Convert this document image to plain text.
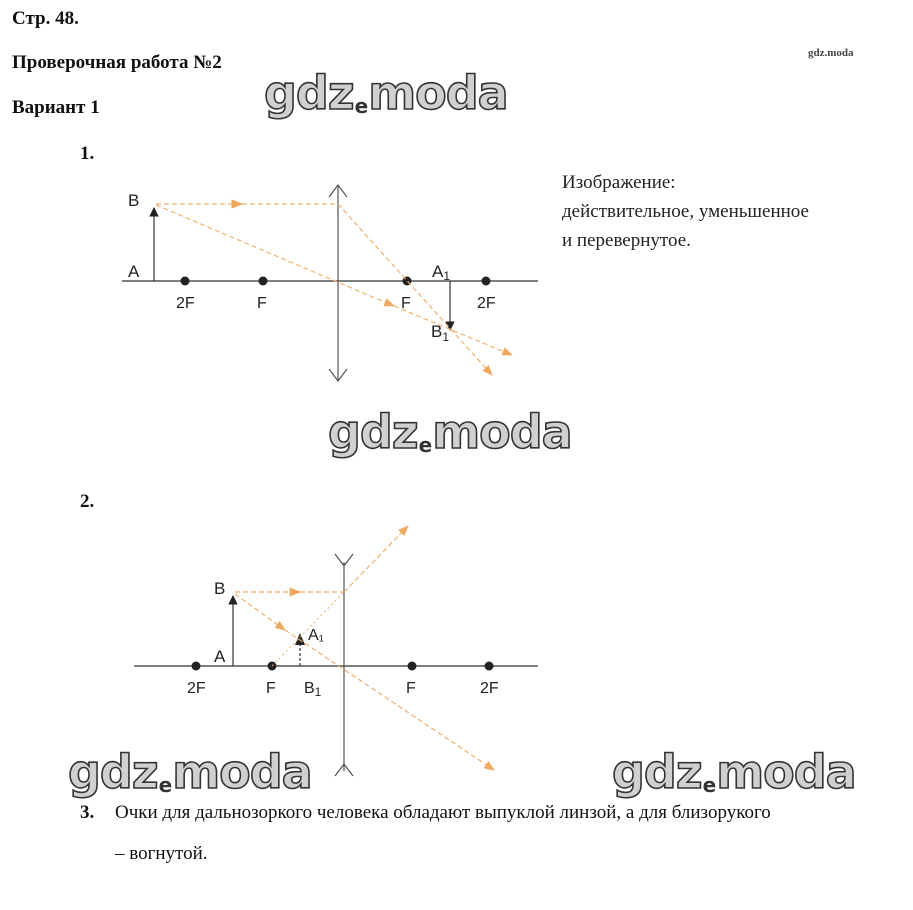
Стр. 48.
Проверочная работа №2
Вариант 1
gdz.moda
gdzemoda
gdzemoda
gdzemoda	gdzemoda
1.
Изображение:
действительное, уменьшенное
и перевернутое.
B
A
2F	F	F	2F
A1
$B_1$
B
A
A₁
2F	F B1	F	2F
2.
3. Очки для дальнозоркого человека обладают выпуклой линзой, а для близорукого
– вогнутой.
